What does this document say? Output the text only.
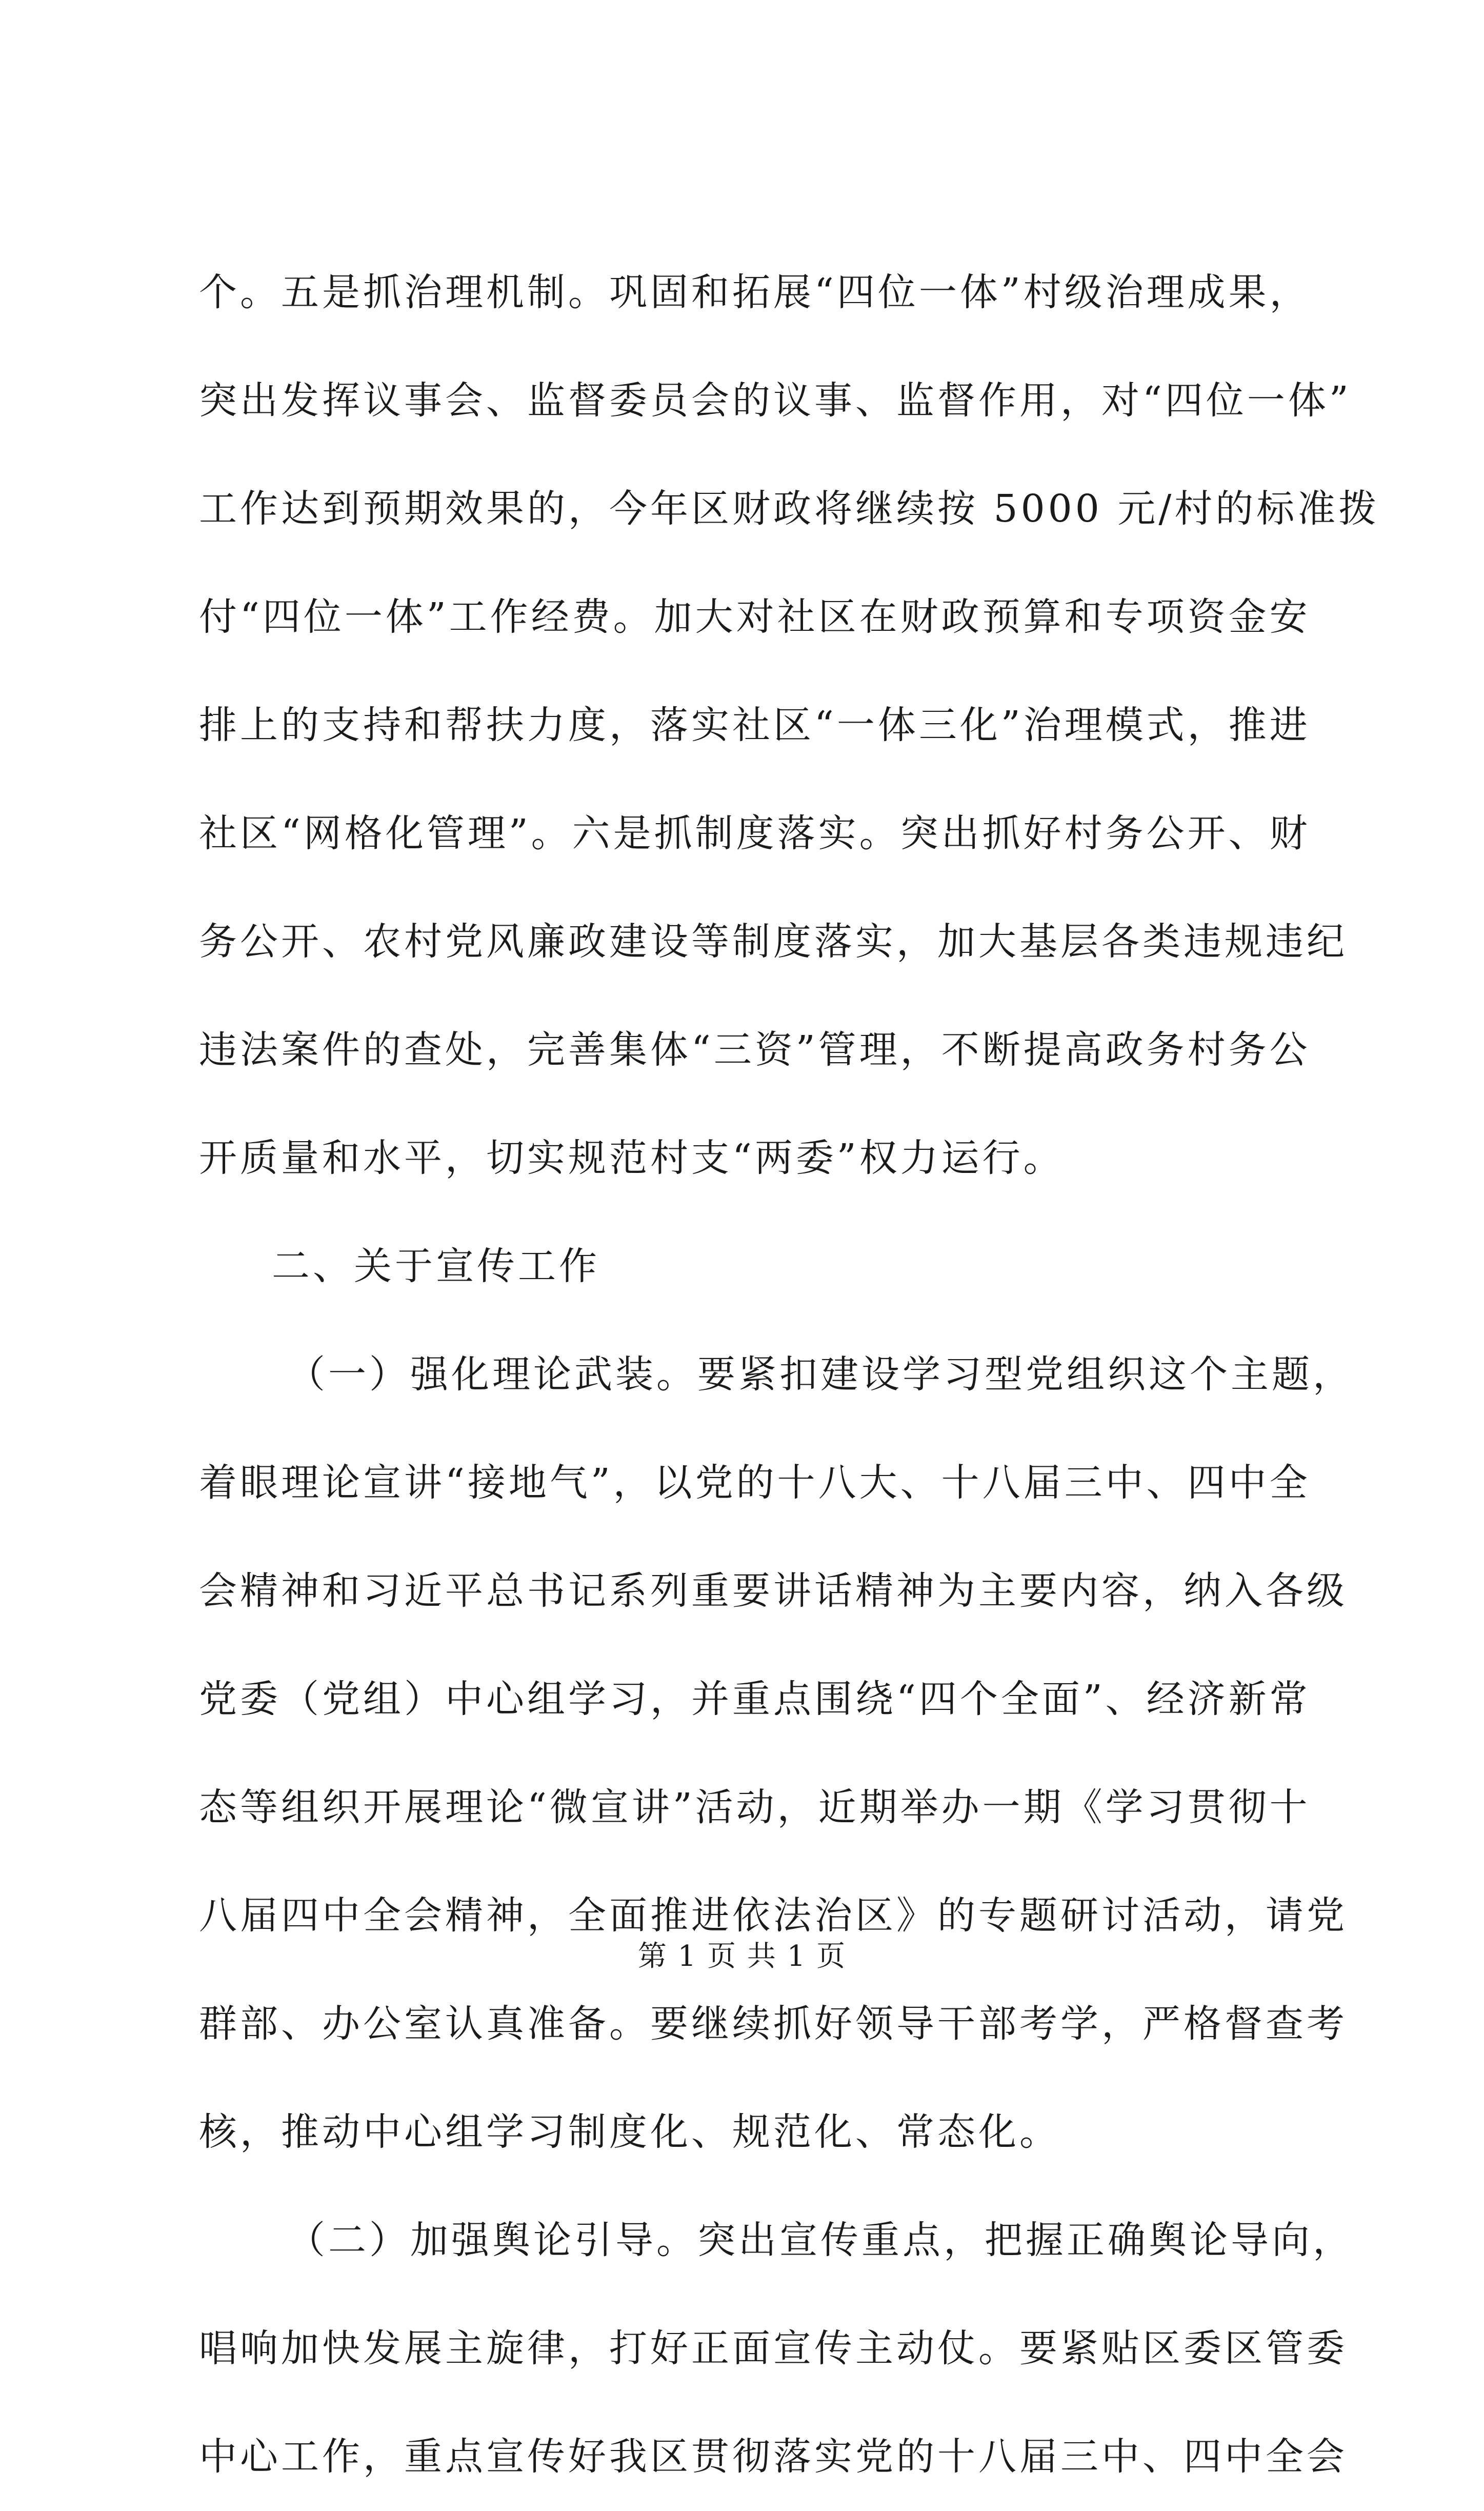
个。五是抓治理机制。巩固和拓展“四位一体”村级治理成果，
突出发挥议事会、监督委员会的议事、监督作用，对“四位一体”
工作达到预期效果的，今年区财政将继续按 5000 元/村的标准拨
付“四位一体”工作经费。加大对社区在财政预算和专项资金安
排上的支持和帮扶力度，落实社区“一体三化”治理模式，推进
社区“网格化管理”。六是抓制度落实。突出抓好村务公开、财
务公开、农村党风廉政建设等制度落实，加大基层各类违规违纪
违法案件的查处，完善集体“三资”管理，不断提高政务村务公
开质量和水平，切实规范村支“两委”权力运行。
二、关于宣传工作
（一）强化理论武装。要紧扣建设学习型党组织这个主题，
着眼理论宣讲“接地气”，以党的十八大、十八届三中、四中全
会精神和习近平总书记系列重要讲话精神为主要内容，纳入各级
党委（党组）中心组学习，并重点围绕“四个全面”、经济新常
态等组织开展理论“微宣讲”活动，近期举办一期《学习贯彻十
八届四中全会精神，全面推进依法治区》的专题研讨活动，请党
群部、办公室认真准备。要继续抓好领导干部考学，严格督查考
核，推动中心组学习制度化、规范化、常态化。
（二）加强舆论引导。突出宣传重点，把握正确舆论导向，
唱响加快发展主旋律，打好正面宣传主动仗。要紧贴区委区管委
中心工作，重点宣传好我区贯彻落实党的十八届三中、四中全会
第 1 页 共 1 页
